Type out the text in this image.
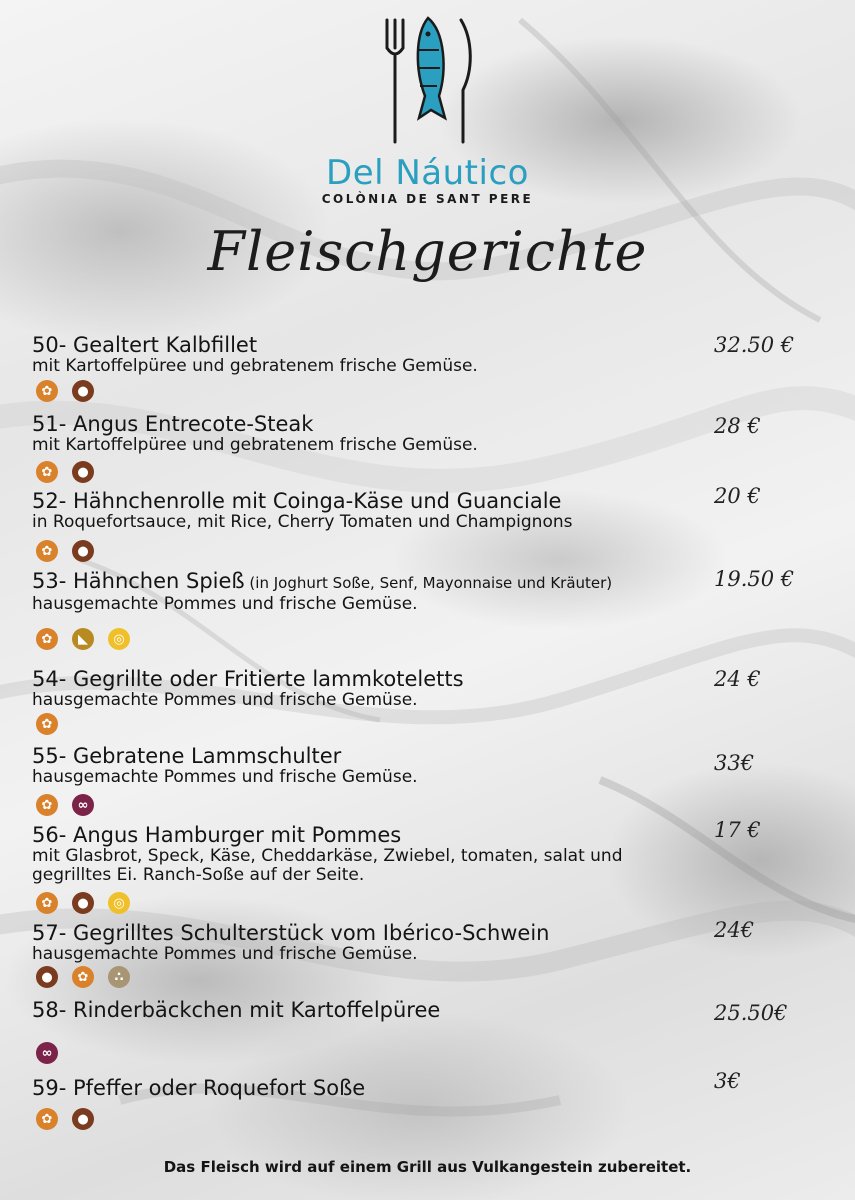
Del Náutico
COLÒNIA DE SANT PERE
Fleischgerichte
50- Gealtert Kalbfillet
mit Kartoffelpüree und gebratenem frische Gemüse.
32.50 €
✿	●
51- Angus Entrecote-Steak
mit Kartoffelpüree und gebratenem frische Gemüse.
28 €
✿	●
52- Hähnchenrolle mit Coinga-Käse und Guanciale
in Roquefortsauce, mit Rice, Cherry Tomaten und Champignons
20 €
✿	●
53- Hähnchen Spieß (in Joghurt Soße, Senf, Mayonnaise und Kräuter)
hausgemachte Pommes und frische Gemüse.
19.50 €
✿	◣	◎
54- Gegrillte oder Fritierte lammkoteletts
hausgemachte Pommes und frische Gemüse.
24 €
✿
55- Gebratene Lammschulter
hausgemachte Pommes und frische Gemüse.
33€
✿	∞
56- Angus Hamburger mit Pommes
mit Glasbrot, Speck, Käse, Cheddarkäse, Zwiebel, tomaten, salat und
gegrilltes Ei. Ranch-Soße auf der Seite.
17 €
✿	●	◎
57- Gegrilltes Schulterstück vom Ibérico-Schwein
hausgemachte Pommes und frische Gemüse.
24€
●	✿	∴
58- Rinderbäckchen mit Kartoffelpüree	25.50€
∞
59- Pfeffer oder Roquefort Soße	3€
✿	●
Das Fleisch wird auf einem Grill aus Vulkangestein zubereitet.
